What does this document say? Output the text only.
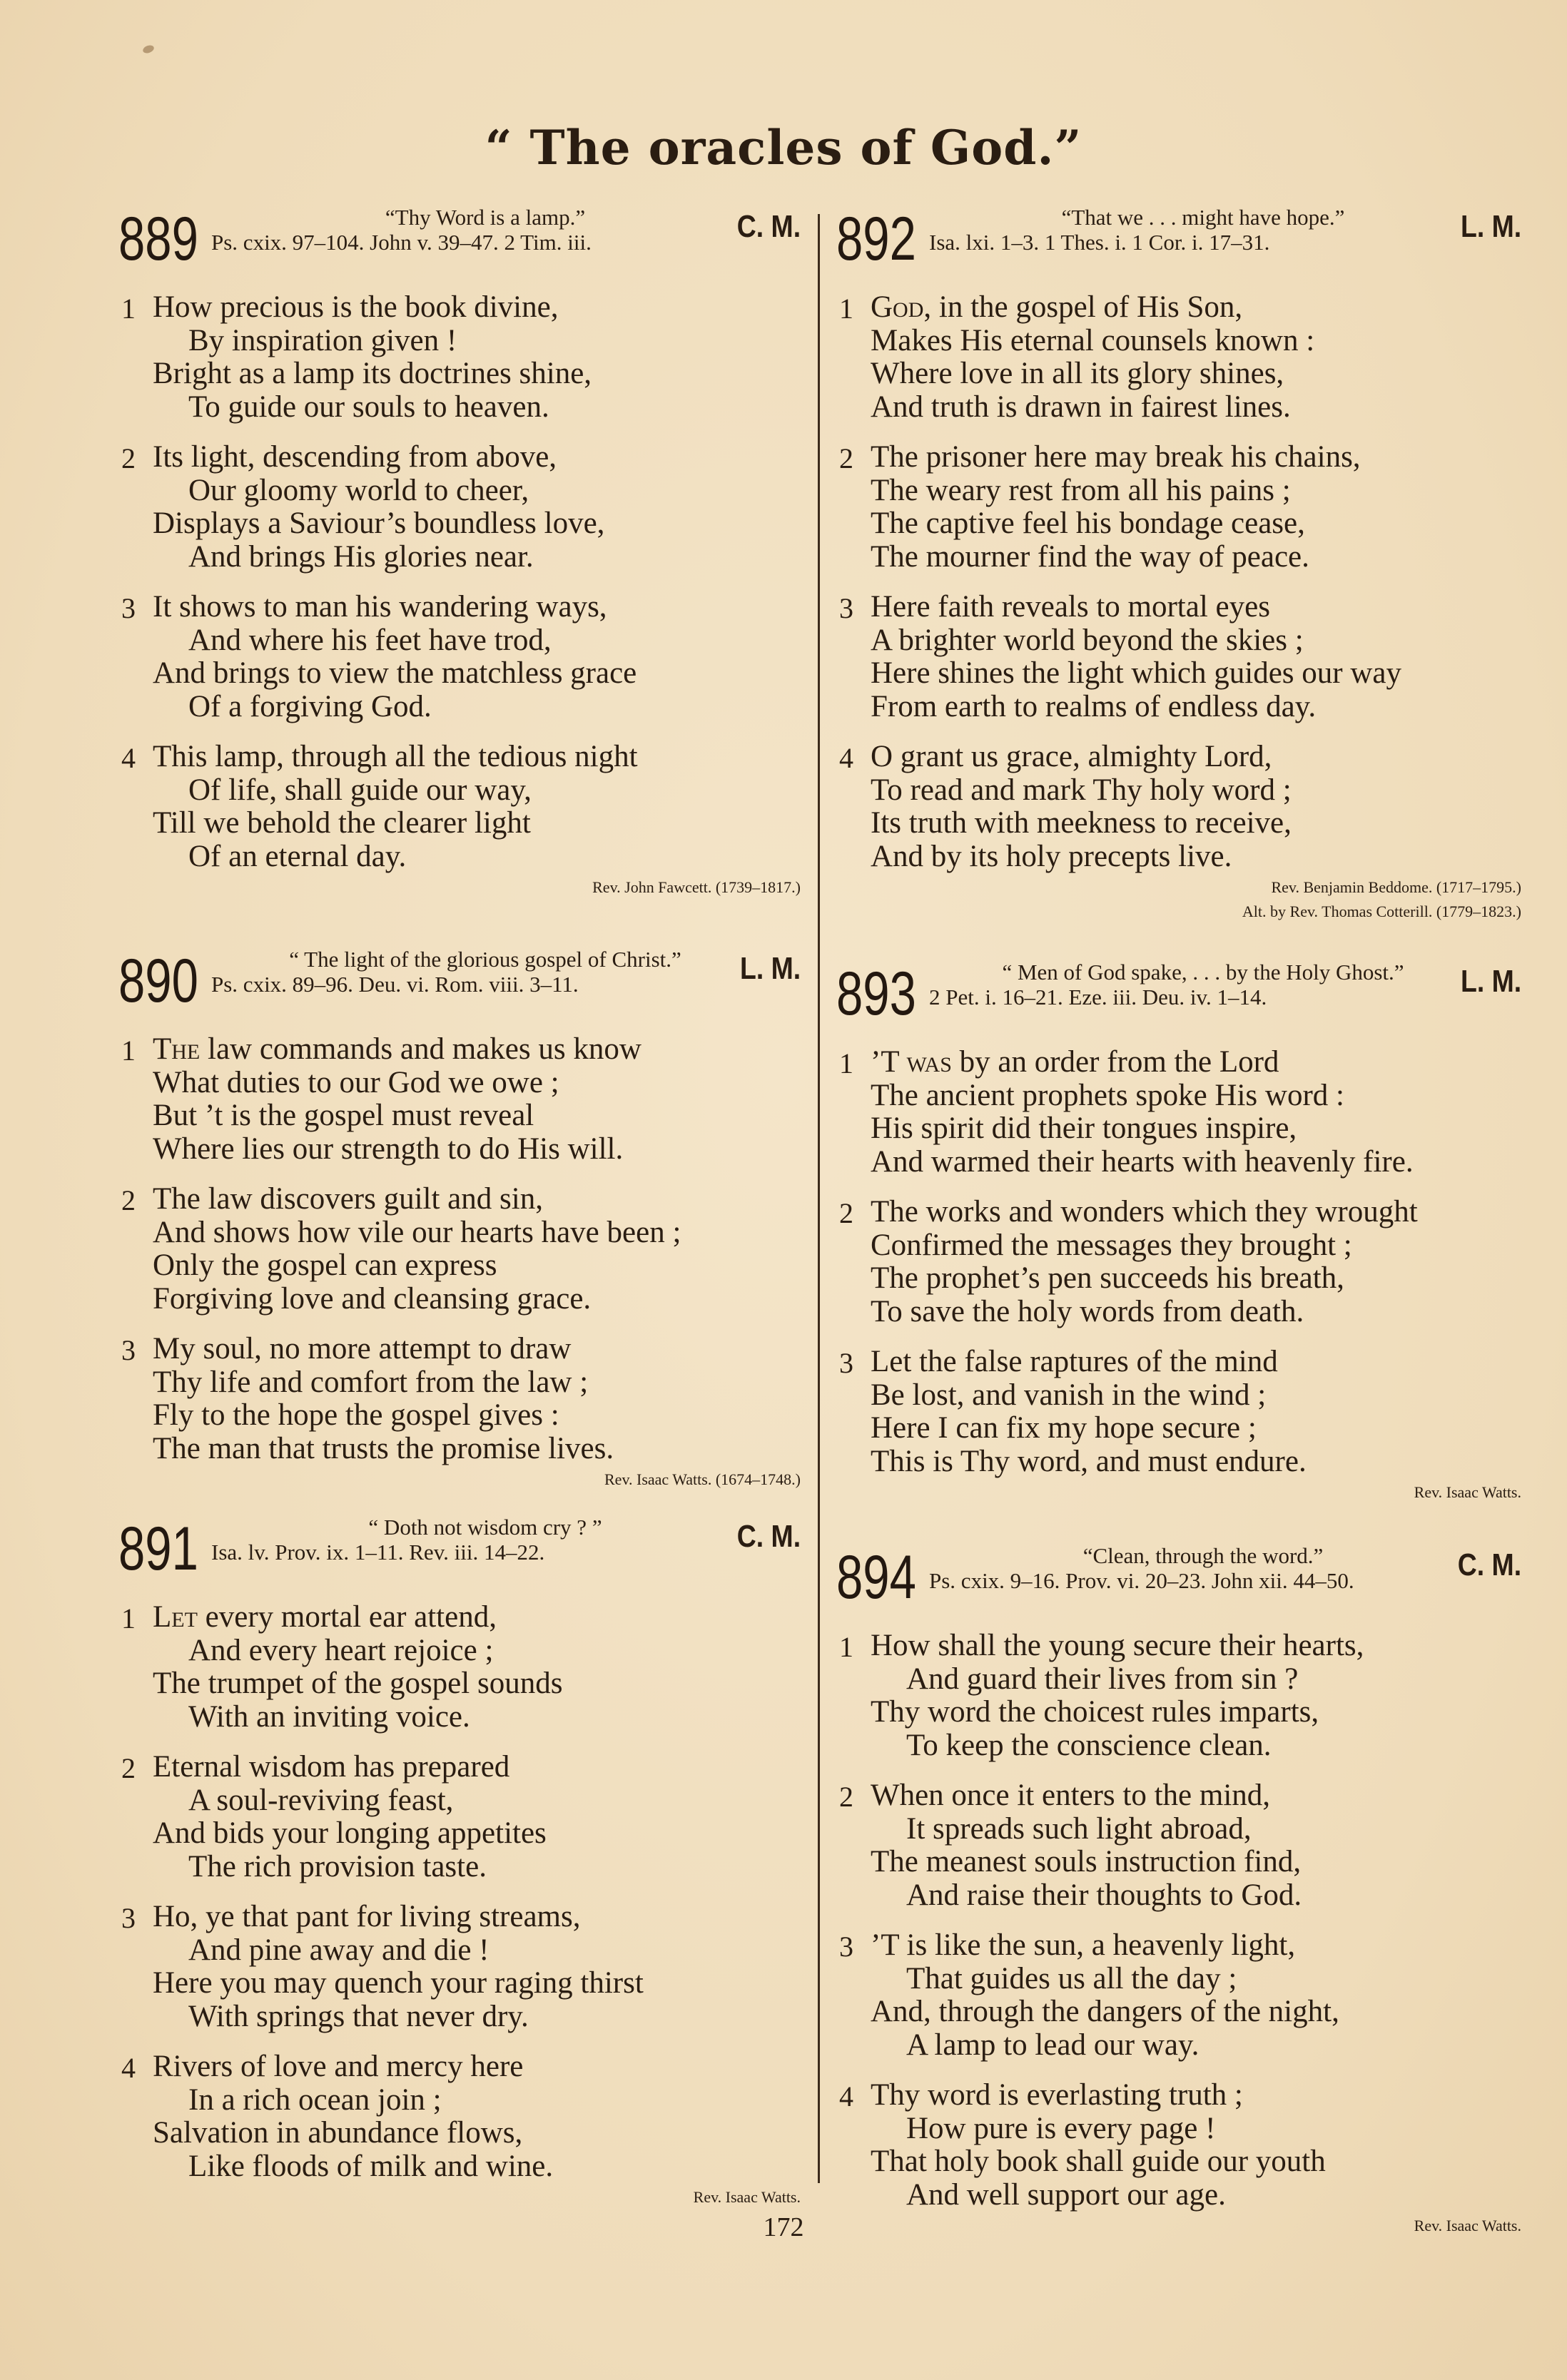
“ The oracles of God.”
889	“Thy Word is a lamp.”
Ps. cxix. 97–104. John v. 39–47. 2 Tim. iii.	C. M.
1 How precious is the book divine,
By inspiration given !
Bright as a lamp its doctrines shine,
To guide our souls to heaven.
2 Its light, descending from above,
Our gloomy world to cheer,
Displays a Saviour’s boundless love,
And brings His glories near.
3 It shows to man his wandering ways,
And where his feet have trod,
And brings to view the matchless grace
Of a forgiving God.
4 This lamp, through all the tedious night
Of life, shall guide our way,
Till we behold the clearer light
Of an eternal day.
Rev. John Fawcett. (1739–1817.)
890	“ The light of the glorious gospel of Christ.”
Ps. cxix. 89–96. Deu. vi. Rom. viii. 3–11.	L. M.
1 The law commands and makes us know
What duties to our God we owe ;
But ’t is the gospel must reveal
Where lies our strength to do His will.
2 The law discovers guilt and sin,
And shows how vile our hearts have been ;
Only the gospel can express
Forgiving love and cleansing grace.
3 My soul, no more attempt to draw
Thy life and comfort from the law ;
Fly to the hope the gospel gives :
The man that trusts the promise lives.
Rev. Isaac Watts. (1674–1748.)
891	“ Doth not wisdom cry ? ”
Isa. lv. Prov. ix. 1–11. Rev. iii. 14–22.	C. M.
1 Let every mortal ear attend,
And every heart rejoice ;
The trumpet of the gospel sounds
With an inviting voice.
2 Eternal wisdom has prepared
A soul-reviving feast,
And bids your longing appetites
The rich provision taste.
3 Ho, ye that pant for living streams,
And pine away and die !
Here you may quench your raging thirst
With springs that never dry.
4 Rivers of love and mercy here
In a rich ocean join ;
Salvation in abundance flows,
Like floods of milk and wine.
Rev. Isaac Watts.
892	“That we . . . might have hope.”
Isa. lxi. 1–3. 1 Thes. i. 1 Cor. i. 17–31.	L. M.
1 God, in the gospel of His Son,
Makes His eternal counsels known :
Where love in all its glory shines,
And truth is drawn in fairest lines.
2 The prisoner here may break his chains,
The weary rest from all his pains ;
The captive feel his bondage cease,
The mourner find the way of peace.
3 Here faith reveals to mortal eyes
A brighter world beyond the skies ;
Here shines the light which guides our way
From earth to realms of endless day.
4 O grant us grace, almighty Lord,
To read and mark Thy holy word ;
Its truth with meekness to receive,
And by its holy precepts live.
Rev. Benjamin Beddome. (1717–1795.)
Alt. by Rev. Thomas Cotterill. (1779–1823.)
893	“ Men of God spake, . . . by the Holy Ghost.”
2 Pet. i. 16–21. Eze. iii. Deu. iv. 1–14.	L. M.
1 ’T was by an order from the Lord
The ancient prophets spoke His word :
His spirit did their tongues inspire,
And warmed their hearts with heavenly fire.
2 The works and wonders which they wrought
Confirmed the messages they brought ;
The prophet’s pen succeeds his breath,
To save the holy words from death.
3 Let the false raptures of the mind
Be lost, and vanish in the wind ;
Here I can fix my hope secure ;
This is Thy word, and must endure.
Rev. Isaac Watts.
894	“Clean, through the word.”
Ps. cxix. 9–16. Prov. vi. 20–23. John xii. 44–50.	C. M.
1 How shall the young secure their hearts,
And guard their lives from sin ?
Thy word the choicest rules imparts,
To keep the conscience clean.
2 When once it enters to the mind,
It spreads such light abroad,
The meanest souls instruction find,
And raise their thoughts to God.
3 ’T is like the sun, a heavenly light,
That guides us all the day ;
And, through the dangers of the night,
A lamp to lead our way.
4 Thy word is everlasting truth ;
How pure is every page !
That holy book shall guide our youth
And well support our age.
Rev. Isaac Watts.
172
